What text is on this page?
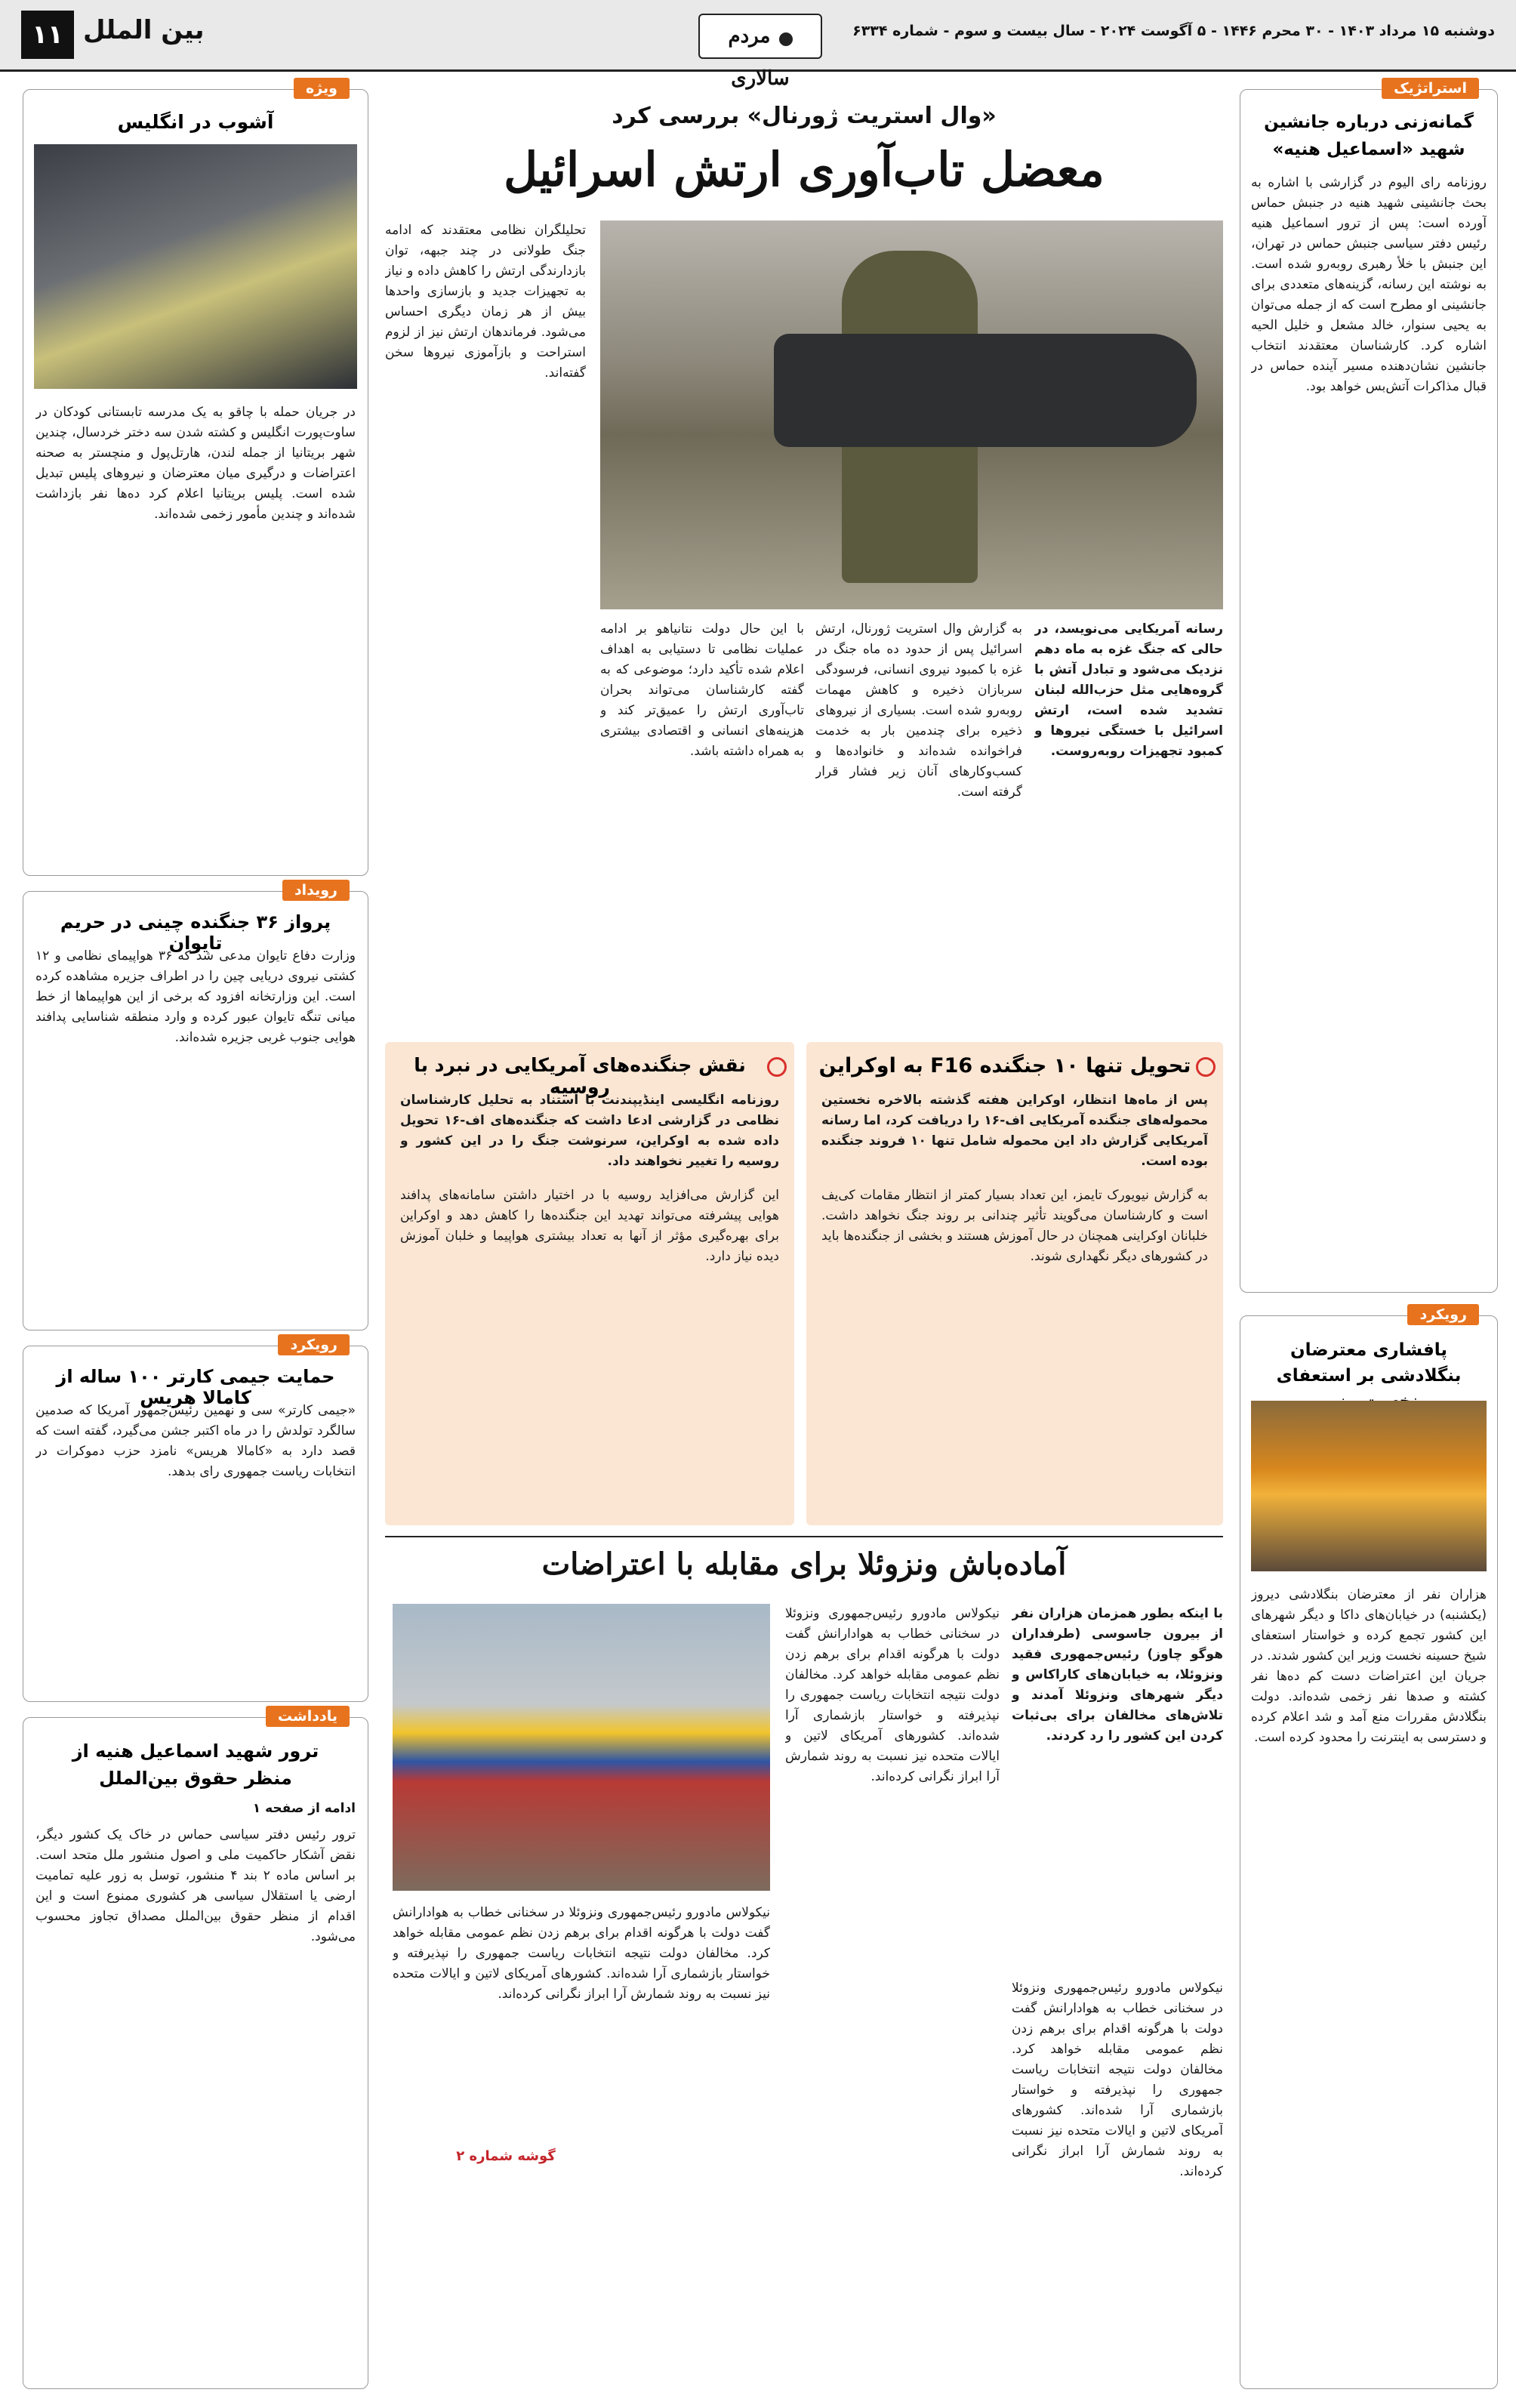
۱۱ بین الملل	مردم سالاری
دوشنبه ۱۵ مرداد ۱۴۰۳ - ۳۰ محرم ۱۴۴۶ - ۵ آگوست ۲۰۲۴ - سال بیست و سوم - شماره ۶۳۳۴
استراتژیک
گمانه‌زنی درباره جانشین
شهید «اسماعیل هنیه»
روزنامه رای الیوم در گزارشی با اشاره به بحث جانشینی شهید هنیه در جنبش حماس آورده است: پس از ترور اسماعیل هنیه رئیس دفتر سیاسی جنبش حماس در تهران، این جنبش با خلأ رهبری روبه‌رو شده است. به نوشته این رسانه، گزینه‌های متعددی برای جانشینی او مطرح است که از جمله می‌توان به یحیی سنوار، خالد مشعل و خلیل الحیه اشاره کرد. کارشناسان معتقدند انتخاب جانشین نشان‌دهنده مسیر آینده حماس در قبال مذاکرات آتش‌بس خواهد بود.
رویکرد
پافشاری معترضان بنگلادشی بر استعفای
هزاران نفر از معترضان بنگلادشی دیروز (یکشنبه) در خیابان‌های داکا و دیگر شهرهای این کشور تجمع کرده و خواستار استعفای شیخ حسینه نخست وزیر این کشور شدند. در جریان این اعتراضات دست کم ده‌ها نفر کشته و صدها نفر زخمی شده‌اند. دولت بنگلادش مقررات منع آمد و شد اعلام کرده و دسترسی به اینترنت را محدود کرده است.
ویژه
آشوب در انگلیس
در جریان حمله با چاقو به یک مدرسه تابستانی کودکان در ساوت‌پورت انگلیس و کشته شدن سه دختر خردسال، چندین شهر بریتانیا از جمله لندن، هارتل‌پول و منچستر به صحنه اعتراضات و درگیری میان معترضان و نیروهای پلیس تبدیل شده است. پلیس بریتانیا اعلام کرد ده‌ها نفر بازداشت شده‌اند و چندین مأمور زخمی شده‌اند.
رویداد
پرواز ۳۶ جنگنده چینی در حریم تایوان
وزارت دفاع تایوان مدعی شد که ۳۶ هواپیمای نظامی و ۱۲ کشتی نیروی دریایی چین را در اطراف جزیره مشاهده کرده است. این وزارتخانه افزود که برخی از این هواپیماها از خط میانی تنگه تایوان عبور کرده و وارد منطقه شناسایی پدافند هوایی جنوب غربی جزیره شده‌اند.
رویکرد
حمایت جیمی کارتر ۱۰۰ ساله از کامالا هریس
«جیمی کارتر» سی و نهمین رئیس‌جمهور آمریکا که صدمین سالگرد تولدش را در ماه اکتبر جشن می‌گیرد، گفته است که قصد دارد به «کامالا هریس» نامزد حزب دموکرات در انتخابات ریاست جمهوری رای بدهد.
یادداشت
ترور شهید اسماعیل هنیه از منظر حقوق بین‌الملل
ادامه از صفحه ۱
ترور رئیس دفتر سیاسی حماس در خاک یک کشور دیگر، نقض آشکار حاکمیت ملی و اصول منشور ملل متحد است. بر اساس ماده ۲ بند ۴ منشور، توسل به زور علیه تمامیت ارضی یا استقلال سیاسی هر کشوری ممنوع است و این اقدام از منظر حقوق بین‌الملل مصداق تجاوز محسوب می‌شود.
«وال استریت ژورنال» بررسی کرد
معضل تاب‌آوری ارتش اسرائیل

تحلیلگران نظامی معتقدند که ادامه جنگ طولانی در چند جبهه، توان بازدارندگی ارتش را کاهش داده و نیاز به تجهیزات جدید و بازسازی واحدها بیش از هر زمان دیگری احساس می‌شود. فرماندهان ارتش نیز از لزوم استراحت و بازآموزی نیروها سخن گفته‌اند.

رسانه آمریکایی می‌نویسد، در حالی که جنگ غزه به ماه دهم نزدیک می‌شود و تبادل آتش با گروه‌هایی مثل حزب‌الله لبنان تشدید شده است، ارتش اسرائیل با خستگی نیروها و کمبود تجهیزات روبه‌روست.
به گزارش وال استریت ژورنال، ارتش اسرائیل پس از حدود ده ماه جنگ در غزه با کمبود نیروی انسانی، فرسودگی سربازان ذخیره و کاهش مهمات روبه‌رو شده است. بسیاری از نیروهای ذخیره برای چندمین بار به خدمت فراخوانده شده‌اند و خانواده‌ها و کسب‌وکارهای آنان زیر فشار قرار گرفته است.
با این حال دولت نتانیاهو بر ادامه عملیات نظامی تا دستیابی به اهداف اعلام شده تأکید دارد؛ موضوعی که به گفته کارشناسان می‌تواند بحران تاب‌آوری ارتش را عمیق‌تر کند و هزینه‌های انسانی و اقتصادی بیشتری به همراه داشته باشد.
تحویل تنها ۱۰ جنگنده F16 به اوکراین
پس از ماه‌ها انتظار، اوکراین هفته گذشته بالاخره نخستین محموله‌های جنگنده آمریکایی اف-۱۶ را دریافت کرد، اما رسانه آمریکایی گزارش داد این محموله شامل تنها ۱۰ فروند جنگنده بوده است.
به گزارش نیویورک تایمز، این تعداد بسیار کمتر از انتظار مقامات کی‌یف است و کارشناسان می‌گویند تأثیر چندانی بر روند جنگ نخواهد داشت. خلبانان اوکراینی همچنان در حال آموزش هستند و بخشی از جنگنده‌ها باید در کشورهای دیگر نگهداری شوند.
نقش جنگنده‌های آمریکایی در نبرد با روسیه
روزنامه انگلیسی اینڈیپندنت با استناد به تحلیل کارشناسان نظامی در گزارشی ادعا داشت که جنگنده‌های اف-۱۶ تحویل داده شده به اوکراین، سرنوشت جنگ را در این کشور و روسیه را تغییر نخواهند داد.
این گزارش می‌افزاید روسیه با در اختیار داشتن سامانه‌های پدافند هوایی پیشرفته می‌تواند تهدید این جنگنده‌ها را کاهش دهد و اوکراین برای بهره‌گیری مؤثر از آنها به تعداد بیشتری هواپیما و خلبان آموزش دیده نیاز دارد.
آماده‌باش ونزوئلا برای مقابله با اعتراضات
با اینکه بطور همزمان هزاران نفر از بیرون جاسوسی (طرفداران هوگو چاوز) رئیس‌جمهوری فقید ونزوئلا، به خیابان‌های کاراکاس و دیگر شهرهای ونزوئلا آمدند و تلاش‌های مخالفان برای بی‌ثبات کردن این کشور را رد کردند.
نیکولاس مادورو رئیس‌جمهوری ونزوئلا در سخنانی خطاب به هوادارانش گفت دولت با هرگونه اقدام برای برهم زدن نظم عمومی مقابله خواهد کرد. مخالفان دولت نتیجه انتخابات ریاست جمهوری را نپذیرفته و خواستار بازشماری آرا شده‌اند. کشورهای آمریکای لاتین و ایالات متحده نیز نسبت به روند شمارش آرا ابراز نگرانی کرده‌اند.

نیکولاس مادورو رئیس‌جمهوری ونزوئلا در سخنانی خطاب به هوادارانش گفت دولت با هرگونه اقدام برای برهم زدن نظم عمومی مقابله خواهد کرد. مخالفان دولت نتیجه انتخابات ریاست جمهوری را نپذیرفته و خواستار بازشماری آرا شده‌اند. کشورهای آمریکای لاتین و ایالات متحده نیز نسبت به روند شمارش آرا ابراز نگرانی کرده‌اند.

گوشه شماره ۲

نیکولاس مادورو رئیس‌جمهوری ونزوئلا در سخنانی خطاب به هوادارانش گفت دولت با هرگونه اقدام برای برهم زدن نظم عمومی مقابله خواهد کرد. مخالفان دولت نتیجه انتخابات ریاست جمهوری را نپذیرفته و خواستار بازشماری آرا شده‌اند. کشورهای آمریکای لاتین و ایالات متحده نیز نسبت به روند شمارش آرا ابراز نگرانی کرده‌اند.
